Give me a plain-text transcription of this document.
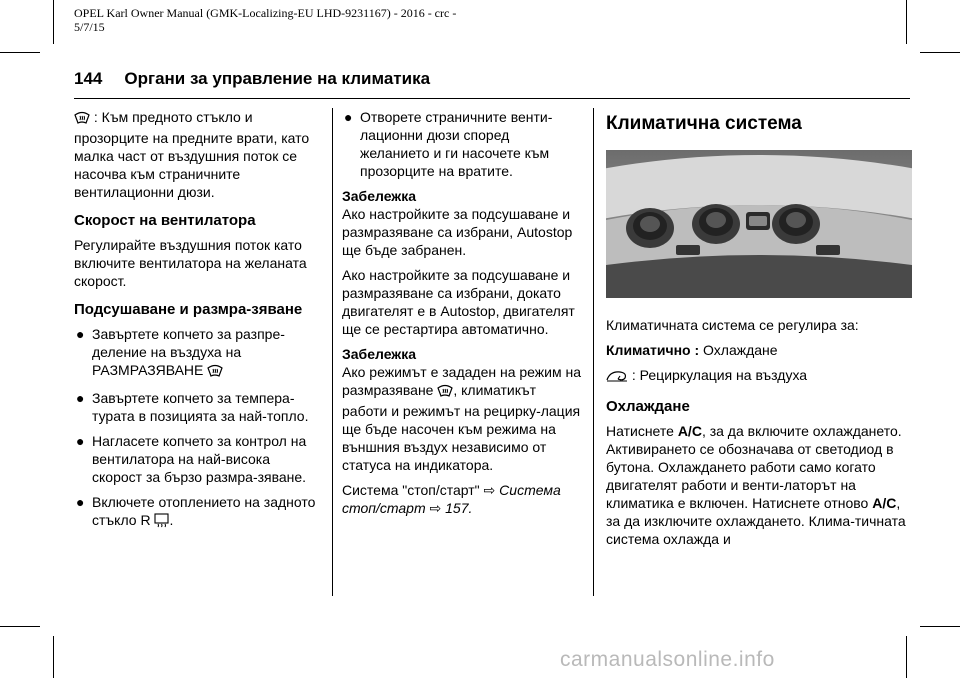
OPEL Karl Owner Manual (GMK-Localizing-EU LHD-9231167) - 2016 - crc -
5/7/15
144 Органи за управление на климатика

: Към предното стъкло и прозорците на предните врати, като малка част от въздушния поток се насочва към страничните вентилационни дюзи.

Скорост на вентилатора

Регулирайте въздушния поток като включите вентилатора на желаната скорост.

Подсушаване и размра-зяване
● Завъртете копчето за разпре-деление на въздуха на РАЗМРАЗЯВАНЕ
● Завъртете копчето за темпера-турата в позицията за най-топло.
● Нагласете копчето за контрол на вентилатора на най-висока скорост за бързо размра-зяване.
● Включете отоплението на задното стъкло R .
● Отворете страничните венти-лационни дюзи според желанието и ги насочете към прозорците на вратите.

Забележка

Ако настройките за подсушаване и размразяване са избрани, Autostop ще бъде забранен.

Ако настройките за подсушаване и размразяване са избрани, докато двигателят е в Autostop, двигателят ще се рестартира автоматично.

Забележка

Ако режимът е зададен на режим на размразяване , климатикът работи и режимът на рецирку-лация ще бъде насочен към режима на външния въздух независимо от статуса на индикатора.

Система "стоп/старт" ⇨ Система стоп/старт ⇨ 157.

Климатична система

Климатичната система се регулира за:

Климатично : Охлаждане

: Рециркулация на въздуха

Охлаждане

Натиснете A/C, за да включите охлаждането. Активирането се обозначава от светодиод в бутона. Охлаждането работи само когато двигателят работи и венти-латорът на климатика е включен. Натиснете отново A/C, за да изключите охлаждането. Клима-тичната система охлажда и

carmanualsonline.info
